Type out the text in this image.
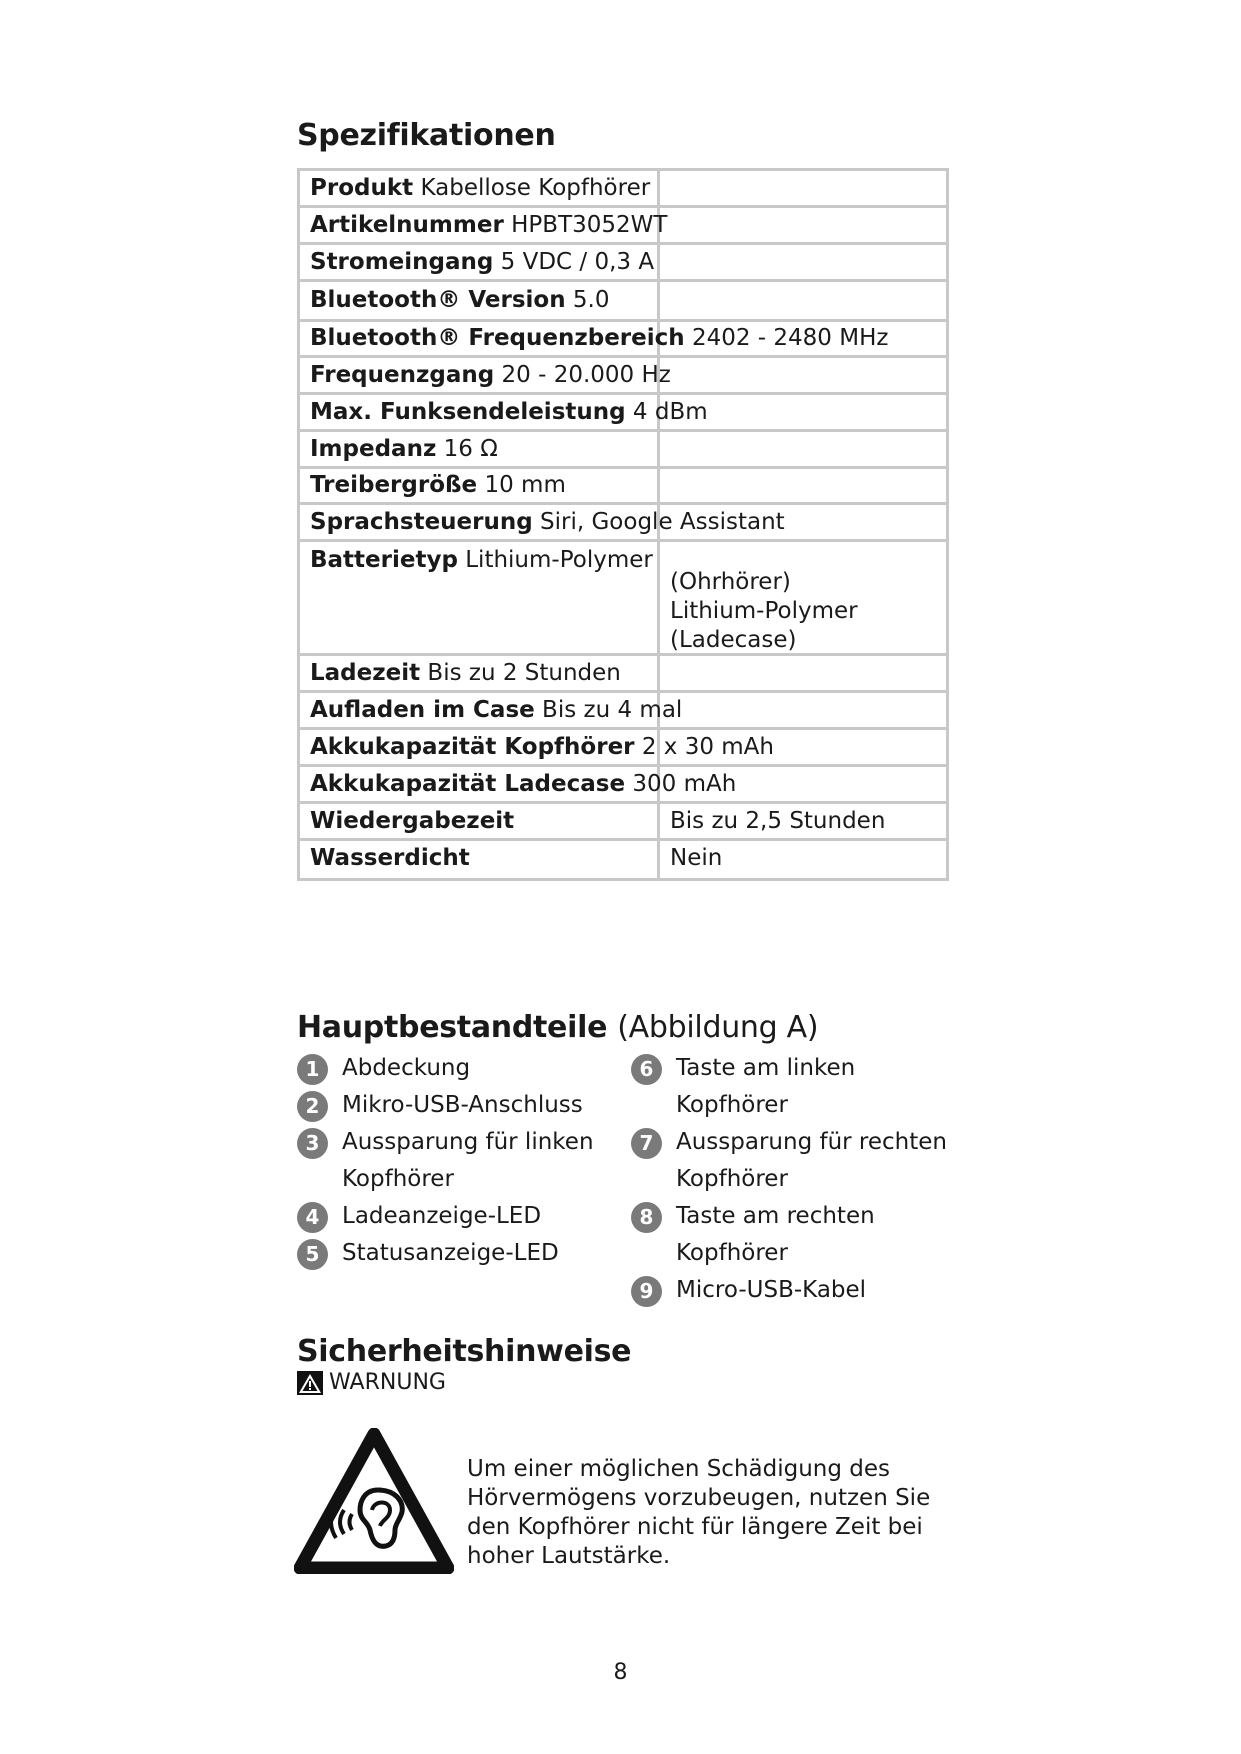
Spezifikationen
Produkt Kabellose Kopfhörer
Artikelnummer HPBT3052WT
Stromeingang 5 VDC / 0,3 A
Bluetooth® Version 5.0
Bluetooth® Frequenzbereich 2402 - 2480 MHz
Frequenzgang 20 - 20.000 Hz
Max. Funksendeleistung 4 dBm
Impedanz 16 Ω
Treibergröße 10 mm
Sprachsteuerung Siri, Google Assistant
Batterietyp Lithium-Polymer
(Ohrhörer)
Lithium-Polymer
(Ladecase)
Ladezeit Bis zu 2 Stunden
Aufladen im Case Bis zu 4 mal
Akkukapazität Kopfhörer 2 x 30 mAh
Akkukapazität Ladecase 300 mAh
Wiedergabezeit	Bis zu 2,5 Stunden
Wasserdicht	Nein
Hauptbestandteile (Abbildung A)
1 Abdeckung
2 Mikro-USB-Anschluss
3 Aussparung für linken
Kopfhörer
4 Ladeanzeige-LED
5 Statusanzeige-LED
6 Taste am linken
Kopfhörer
7 Aussparung für rechten
Kopfhörer
8 Taste am rechten
Kopfhörer
9 Micro-USB-Kabel
Sicherheitshinweise
WARNUNG
Um einer möglichen Schädigung des Hörvermögens vorzubeugen, nutzen Sie den Kopfhörer nicht für längere Zeit bei hoher Lautstärke.
8
